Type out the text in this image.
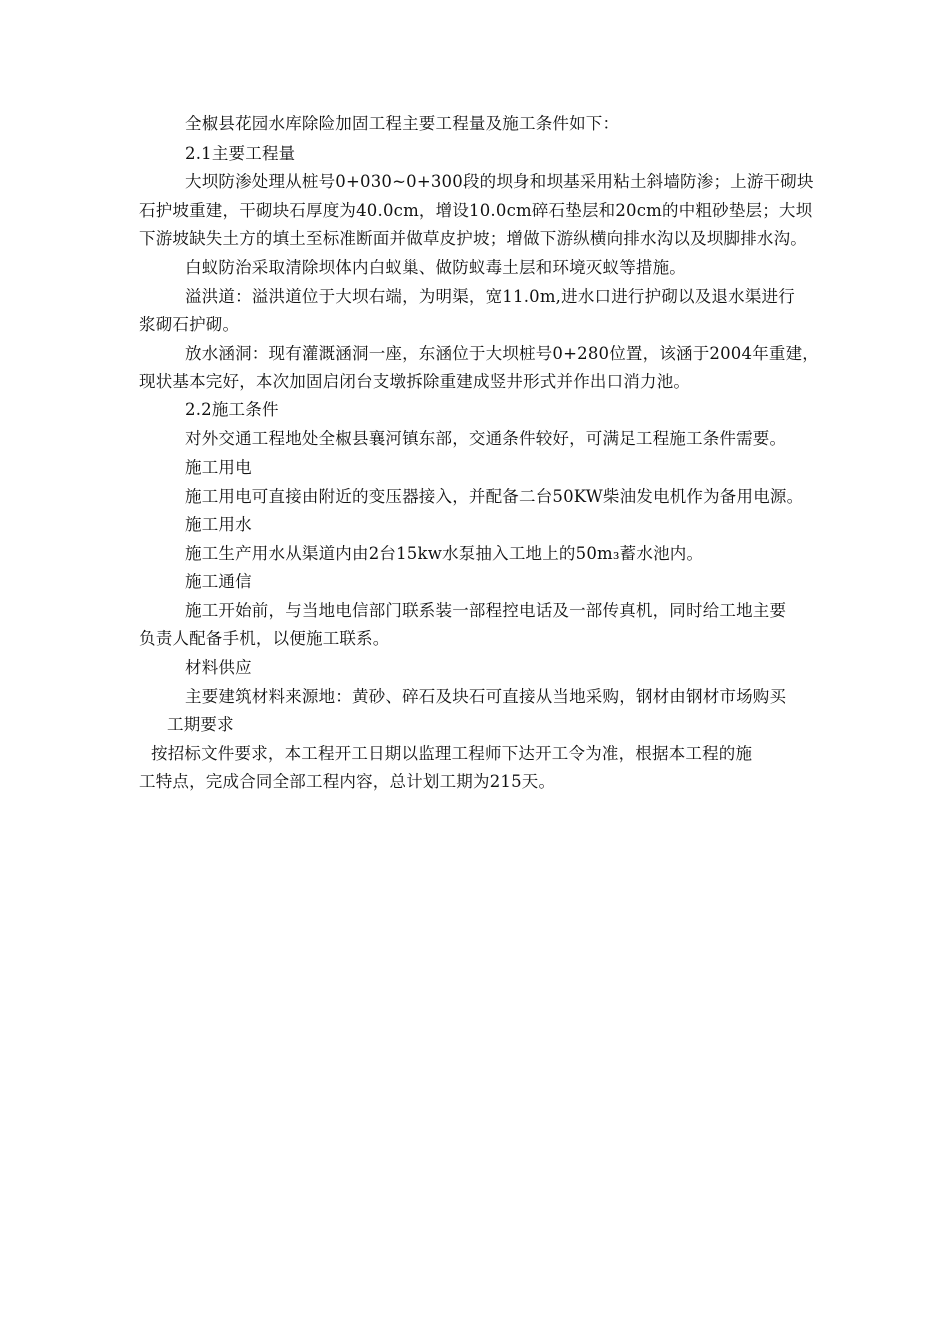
全椒县花园水库除险加固工程主要工程量及施工条件如下：
2.1主要工程量
大坝防渗处理从桩号0+030~0+300段的坝身和坝基采用粘土斜墙防渗；上游干砌块
石护坡重建，干砌块石厚度为40.0cm，增设10.0cm碎石垫层和20cm的中粗砂垫层；大坝
下游坡缺失土方的填土至标准断面并做草皮护坡；增做下游纵横向排水沟以及坝脚排水沟。
白蚁防治采取清除坝体内白蚁巢、做防蚁毒土层和环境灭蚁等措施。
溢洪道：溢洪道位于大坝右端，为明渠，宽11.0m,进水口进行护砌以及退水渠进行
浆砌石护砌。
放水涵洞：现有灌溉涵洞一座，东涵位于大坝桩号0+280位置，该涵于2004年重建，
现状基本完好，本次加固启闭台支墩拆除重建成竖井形式并作出口消力池。
2.2施工条件
对外交通工程地处全椒县襄河镇东部，交通条件较好，可满足工程施工条件需要。
施工用电
施工用电可直接由附近的变压器接入，并配备二台50KW柴油发电机作为备用电源。
施工用水
施工生产用水从渠道内由2台15kw水泵抽入工地上的50m₃蓄水池内。
施工通信
施工开始前，与当地电信部门联系装一部程控电话及一部传真机，同时给工地主要
负责人配备手机，以便施工联系。
材料供应
主要建筑材料来源地：黄砂、碎石及块石可直接从当地采购，钢材由钢材市场购买
工期要求
按招标文件要求，本工程开工日期以监理工程师下达开工令为准，根据本工程的施
工特点，完成合同全部工程内容，总计划工期为215天。
